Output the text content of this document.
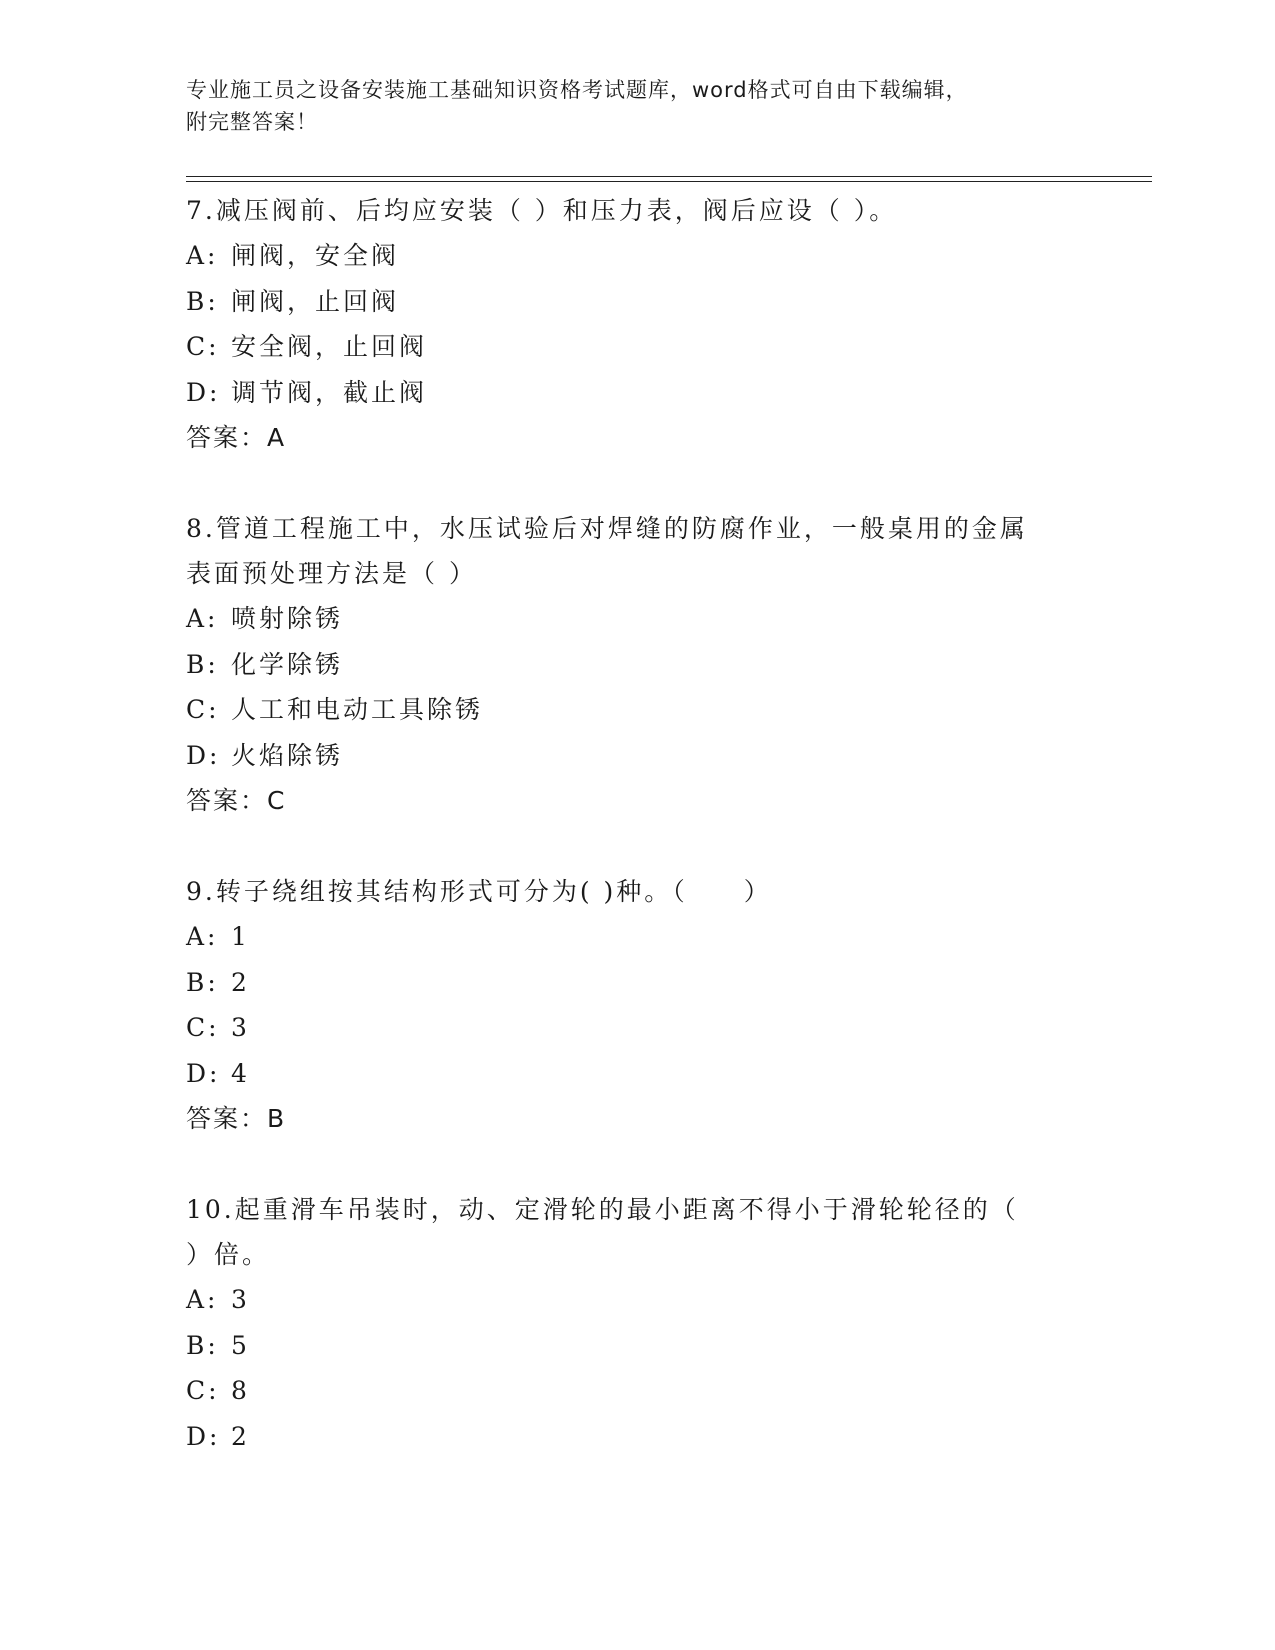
专业施工员之设备安装施工基础知识资格考试题库，word格式可自由下载编辑，
附完整答案！

7.减压阀前、后均应安装（ ）和压力表，阀后应设（ ）。

A: 闸阀，安全阀
B: 闸阀，止回阀
C: 安全阀，止回阀
D: 调节阀，截止阀
答案：A

8.管道工程施工中，水压试验后对焊缝的防腐作业，一般桌用的金属

表面预处理方法是（ ）

A: 喷射除锈
B: 化学除锈
C: 人工和电动工具除锈
D: 火焰除锈
答案：C

9.转子绕组按其结构形式可分为( )种。（　　）

A: 1
B: 2
C: 3
D: 4
答案：B

10.起重滑车吊装时，动、定滑轮的最小距离不得小于滑轮轮径的（

）倍。

A: 3
B: 5
C: 8
D: 2
